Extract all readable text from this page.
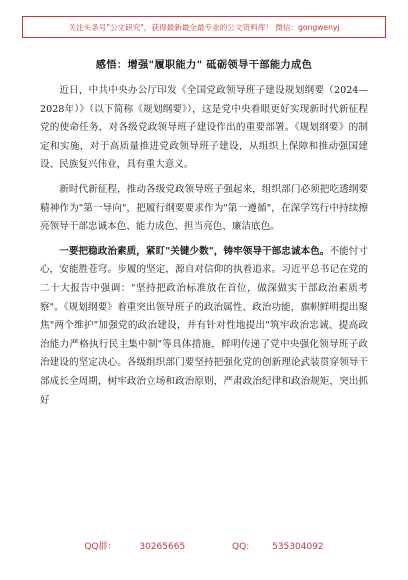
关注头条号"公文研究"，获得最新最全最专业的公文资料库！ 微信：gongwenyj
感悟：增强"履职能力" 砥砺领导干部能力成色

近日，中共中央办公厅印发《全国党政领导班子建设规划纲要（2024—2028年）》（以下简称《规划纲要》），这是党中央着眼更好实现新时代新征程党的使命任务，对各级党政领导班子建设作出的重要部署。《规划纲要》的制定和实施，对于高质量推进党政领导班子建设，从组织上保障和推动强国建设、民族复兴伟业，具有重大意义。

新时代新征程，推动各级党政领导班子强起来，组织部门必须把吃透纲要精神作为"第一导向"，把履行纲要要求作为"第一遵循"，在深学笃行中持续擦亮领导干部忠诚本色、能力成色、担当亮色、廉洁底色。

一要把稳政治素质，紧盯"关键少数"，铸牢领导干部忠诚本色。不能忖寸心，安能胜苍穹。步履的坚定，源自对信仰的执着追求。习近平总书记在党的二十大报告中强调："坚持把政治标准放在首位，做深做实干部政治素质考察"。《规划纲要》着重突出领导班子的政治属性、政治功能，旗帜鲜明提出聚焦"两个维护"加强党的政治建设，并有针对性地提出"筑牢政治忠诚、提高政治能力严格执行民主集中制"等具体措施，鲜明传递了党中央强化领导班子政治建设的坚定决心。各级组织部门要坚持把强化党的创新理论武装贯穿领导干部成长全周期，树牢政治立场和政治原则，严肃政治纪律和政治规矩，突出抓好

QQ群： 30265665	QQ: 535304092
